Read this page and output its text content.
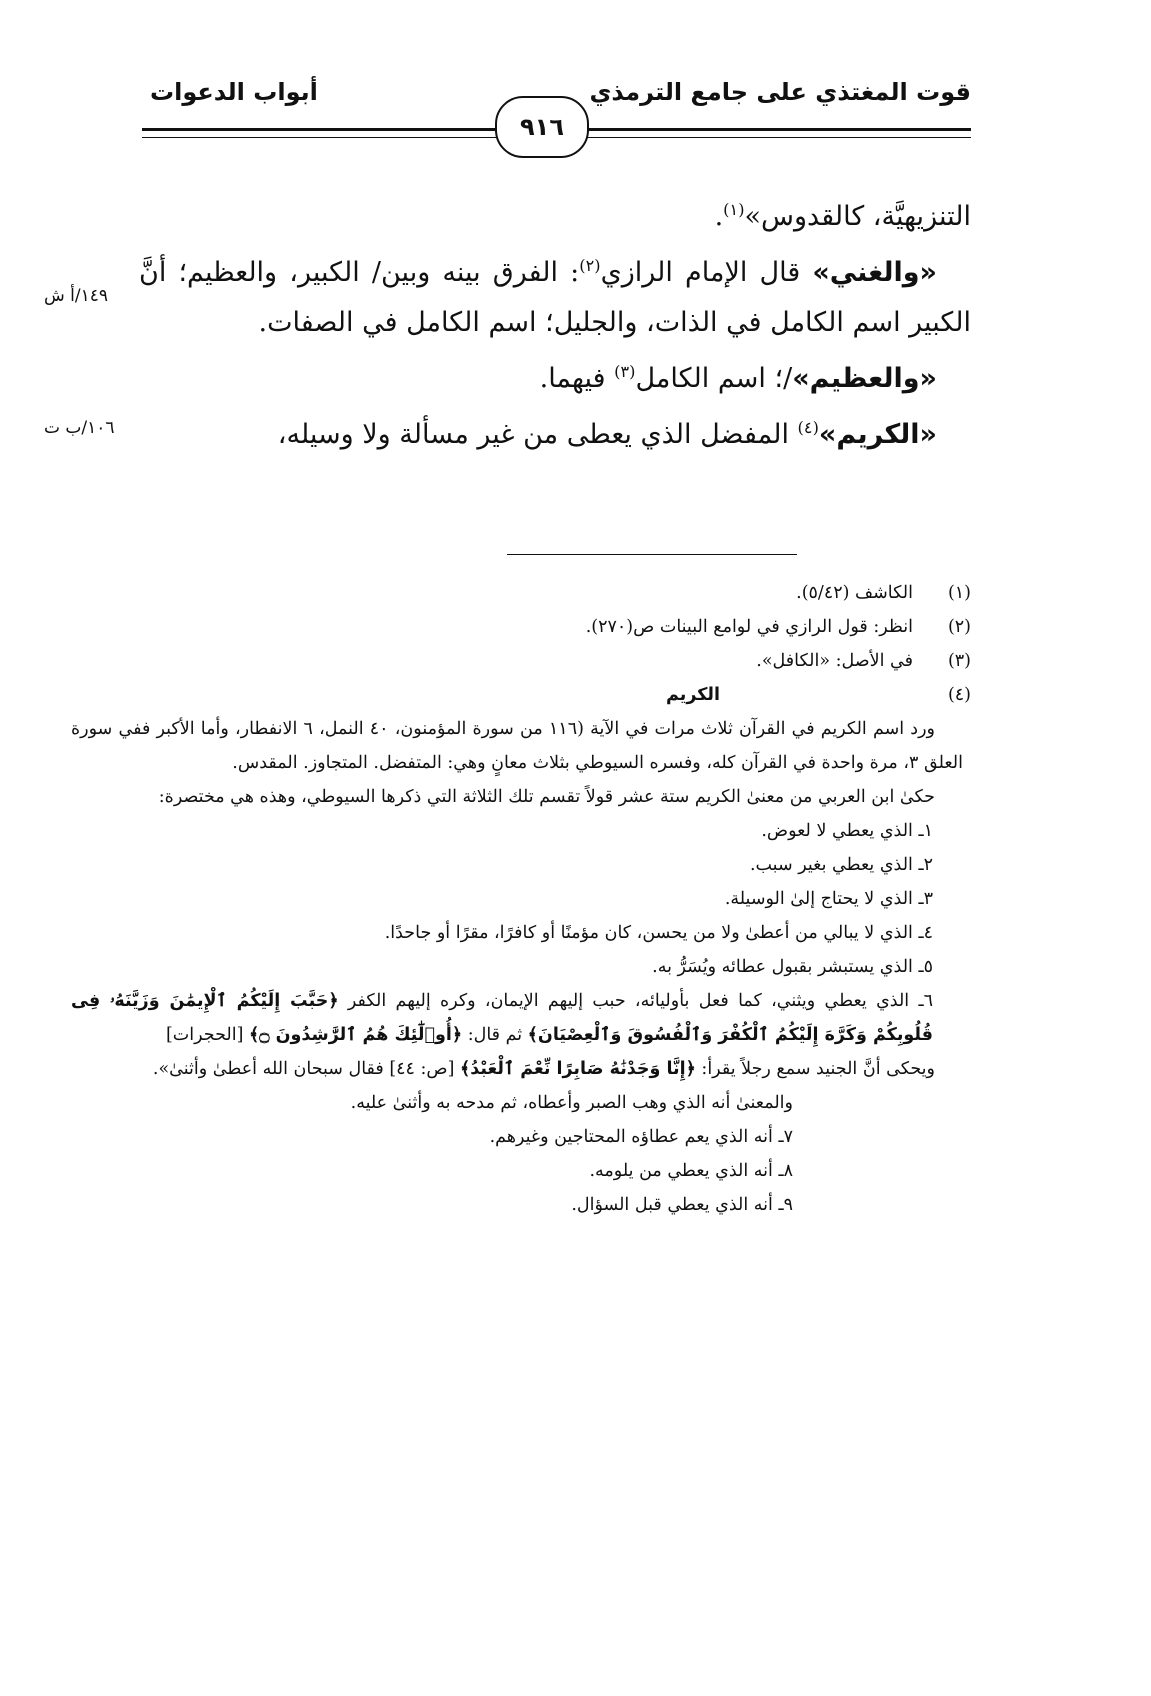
قوت المغتذي على جامع الترمذي
أبواب الدعوات
٩١٦

التنزيهيَّة، كالقدوس»$^{(١)}$.

«والغني» قال الإمام الرازي$^{(٢)}$: الفرق بينه وبين/ الكبير، والعظيم؛ أنَّ الكبير اسم الكامل في الذات، والجليل؛ اسم الكامل في الصفات.

«والعظيم»/؛ اسم الكامل$^{(٣)}$ فيهما.

«الكريم»$^{(٤)}$ المفضل الذي يعطى من غير مسألة ولا وسيله،

١٤٩/أ ش
١٠٦/ب ت
(١)
الكاشف (٥/٤٢).
(٢)
انظر: قول الرازي في لوامع البينات ص(٢٧٠).
(٣)
في الأصل: «الكافل».
(٤)
الكريم

ورد اسم الكريم في القرآن ثلاث مرات في الآية (١١٦ من سورة المؤمنون، ٤٠ النمل، ٦ الانفطار، وأما الأكبر ففي سورة العلق ٣، مرة واحدة في القرآن كله، وفسره السيوطي بثلاث معانٍ وهي: المتفضل. المتجاوز. المقدس.

حكىٰ ابن العربي من معنىٰ الكريم ستة عشر قولاً تقسم تلك الثلاثة التي ذكرها السيوطي، وهذه هي مختصرة:

١ـ الذي يعطي لا لعوض.

٢ـ الذي يعطي بغير سبب.

٣ـ الذي لا يحتاج إلىٰ الوسيلة.

٤ـ الذي لا يبالي من أعطىٰ ولا من يحسن، كان مؤمنًا أو كافرًا، مقرًا أو جاحدًا.

٥ـ الذي يستبشر بقبول عطائه ويُسَرُّ به.

٦ـ الذي يعطي ويثني، كما فعل بأوليائه، حبب إليهم الإيمان، وكره إليهم الكفر ﴿حَبَّبَ إِلَيْكُمُ ٱلْإِيمَٰنَ وَزَيَّنَهُۥ فِى قُلُوبِكُمْ وَكَرَّهَ إِلَيْكُمُ ٱلْكُفْرَ وَٱلْفُسُوقَ وَٱلْعِصْيَانَ﴾ ثم قال: ﴿أُو۟لَٰٓئِكَ هُمُ ٱلرَّٰشِدُونَ ۝﴾ [الحجرات]

ويحكى أنَّ الجنيد سمع رجلاً يقرأ: ﴿إِنَّا وَجَدْنَٰهُ صَابِرًا نِّعْمَ ٱلْعَبْدُ﴾ [ص: ٤٤] فقال سبحان الله أعطىٰ وأثنىٰ».

والمعنىٰ أنه الذي وهب الصبر وأعطاه، ثم مدحه به وأثنىٰ عليه.

٧ـ أنه الذي يعم عطاؤه المحتاجين وغيرهم.

٨ـ أنه الذي يعطي من يلومه.

٩ـ أنه الذي يعطي قبل السؤال.
